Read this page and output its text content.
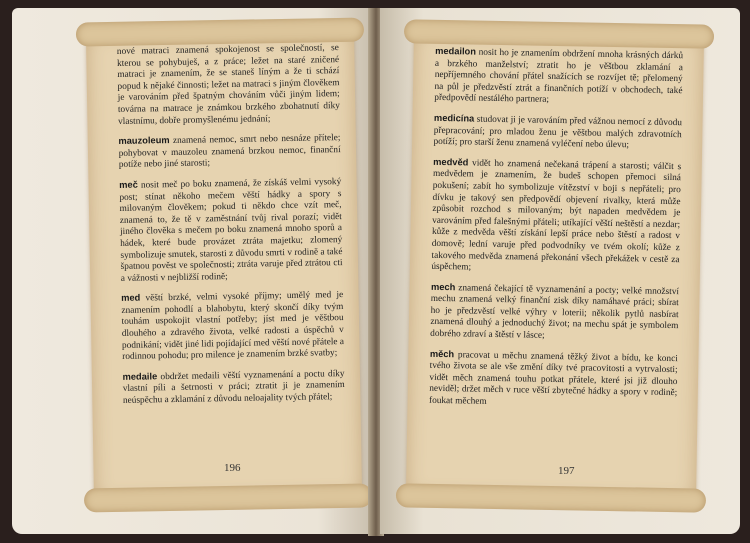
nové matraci znamená spokojenost se společností, se kterou se pohybuješ, a z práce; ležet na staré zničené matraci je znamením, že se staneš líným a že ti schází popud k nějaké činnosti; ležet na matraci s jiným člověkem je varováním před špatným chováním vůči jiným lidem; továrna na matrace je známkou brzkého zbohatnutí díky vlastnímu, dobře promyšlenému jednání;
mauzoleum znamená nemoc, smrt nebo nesnáze přítele; pohybovat v mauzoleu znamená brzkou nemoc, finanční potíže nebo jiné starosti;
meč nosit meč po boku znamená, že získáš velmi vysoký post; stínat někoho mečem věští hádky a spory s milovaným člověkem; pokud ti někdo chce vzít meč, znamená to, že tě v zaměstnání tvůj rival porazí; vidět jiného člověka s mečem po boku znamená mnoho sporů a hádek, které bude provázet ztráta majetku; zlomený symbolizuje smutek, starosti z důvodu smrti v rodině a také špatnou pověst ve společnosti; ztráta varuje před ztrátou cti a vážnosti v nejbližší rodině;
med věští brzké, velmi vysoké příjmy; umělý med je znamením pohodlí a blahobytu, který skončí díky tvým touhám uspokojit vlastní potřeby; jíst med je věštbou dlouhého a zdravého života, velké radosti a úspěchů v podnikání; vidět jiné lidi pojídající med věští nové přátele a rodinnou pohodu; pro milence je znamením brzké svatby;
medaile obdržet medaili věští vyznamenání a poctu díky vlastní píli a šetrnosti v práci; ztratit ji je znamením neúspěchu a zklamání z důvodu neloajality tvých přátel;
196
medailon nosit ho je znamením obdržení mnoha krásných dárků a brzkého manželství; ztratit ho je věštbou zklamání a nepříjemného chování přátel snažících se rozvíjet tě; přelomený na půl je předzvěstí ztrát a finančních potíží v obchodech, také předpovědí nestálého partnera;
medicína studovat ji je varováním před vážnou nemocí z důvodu přepracování; pro mladou ženu je věštbou malých zdravotních potíží; pro starší ženu znamená vyléčení nebo úlevu;
medvěd vidět ho znamená nečekaná trápení a starosti; válčit s medvědem je znamením, že budeš schopen přemoci silná pokušení; zabít ho symbolizuje vítězství v boji s nepřáteli; pro dívku je takový sen předpovědí objevení rivalky, která může způsobit rozchod s milovaným; být napaden medvědem je varováním před falešnými přáteli; utíkající věští neštěstí a nezdar; kůže z medvěda věští získání lepší práce nebo štěstí a radost v domově; lední varuje před podvodníky ve tvém okolí; kůže z takového medvěda znamená překonání všech překážek v cestě za úspěchem;
mech znamená čekající tě vyznamenání a pocty; velké množství mechu znamená velký finanční zisk díky namáhavé práci; sbírat ho je předzvěstí velké výhry v loterii; několik pytlů nasbírat znamená dlouhý a jednoduchý život; na mechu spát je symbolem dobrého zdraví a štěstí v lásce;
měch pracovat u měchu znamená těžký život a bídu, ke konci tvého života se ale vše změní díky tvé pracovitosti a vytrvalosti; vidět měch znamená touhu potkat přátele, které jsi již dlouho neviděl; držet měch v ruce věští zbytečné hádky a spory v rodině; foukat měchem
197
